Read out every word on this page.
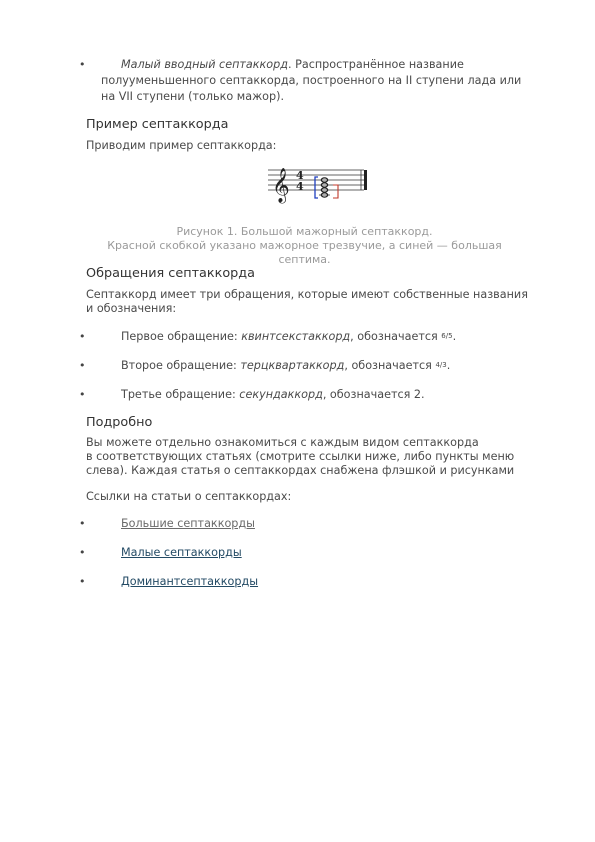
•	Малый вводный септаккорд. Распространённое название

полууменьшенного септаккорда, построенного на II ступени лада или

на VII ступени (только мажор).

Пример септаккорда

Приводим пример септаккорда:

𝄞 4
4

Рисунок 1. Большой мажорный септаккорд.

Красной скобкой указано мажорное трезвучие, а синей — большая

септима.

Обращения септаккорда

Септаккорд имеет три обращения, которые имеют собственные названия

и обозначения:

•	Первое обращение: квинтсекстаккорд, обозначается 6/5.

•	Второе обращение: терцквартаккорд, обозначается 4/3.

•	Третье обращение: секундаккорд, обозначается 2.

Подробно

Вы можете отдельно ознакомиться с каждым видом септаккорда

в соответствующих статьях (смотрите ссылки ниже, либо пункты меню

слева). Каждая статья о септаккордах снабжена флэшкой и рисунками

Ссылки на статьи о септаккордах:

•	Большие септаккорды
•	Малые септаккорды
•	Доминантсептаккорды
